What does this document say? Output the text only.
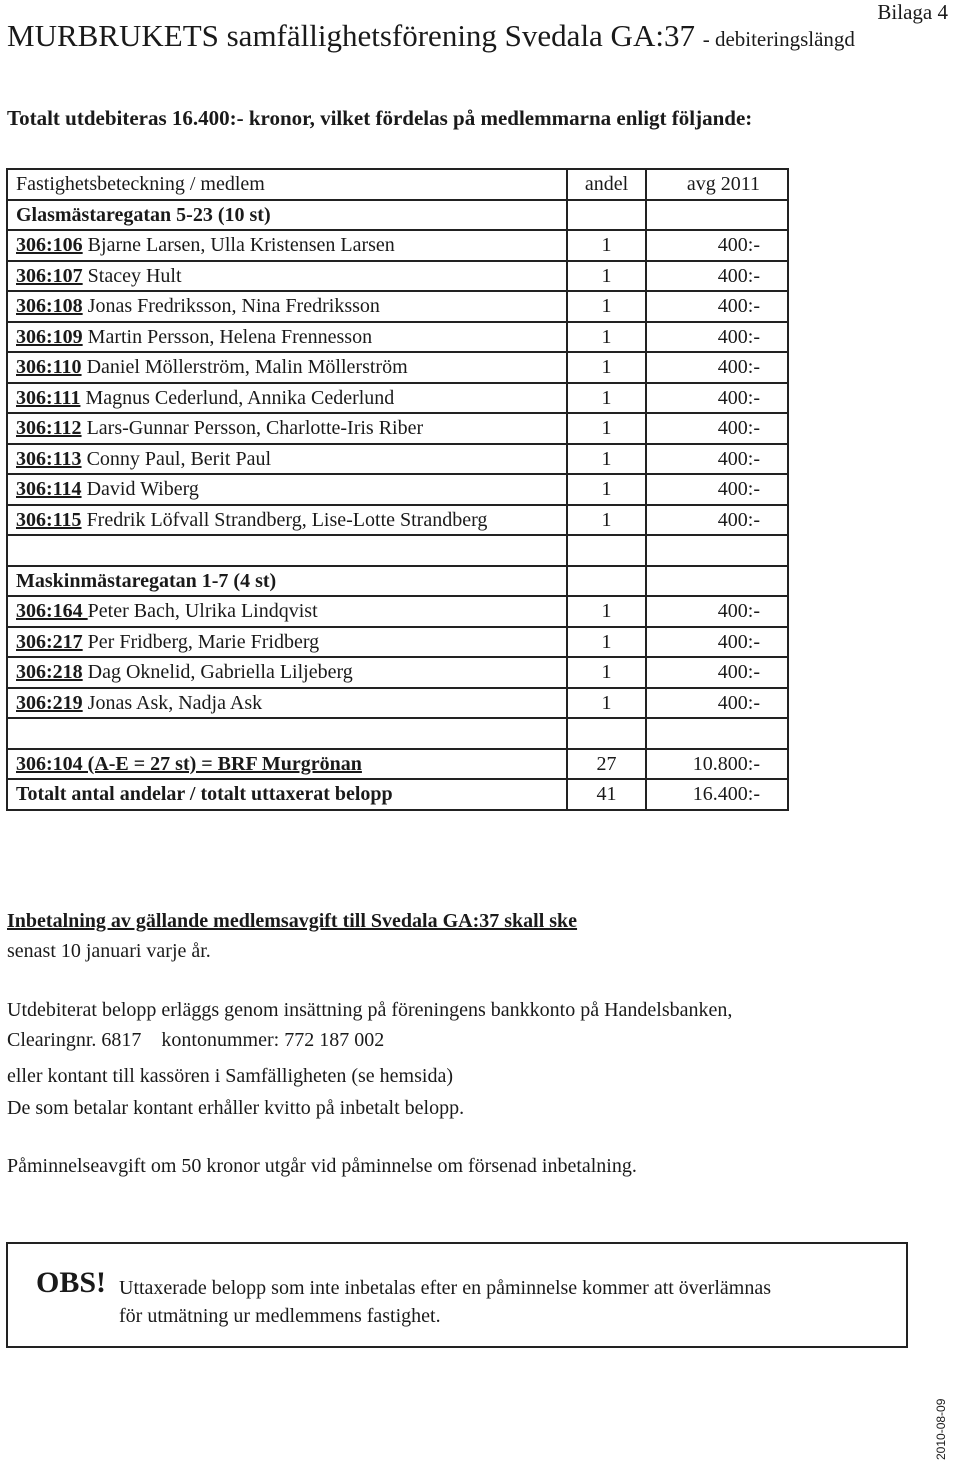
MURBRUKETS samfällighetsförening Svedala GA:37 - debiteringslängd
Bilaga 4
Totalt utdebiteras 16.400:- kronor, vilket fördelas på medlemmarna enligt följande:
Fastighetsbeteckning / medlem	andel	avg 2011
Glasmästaregatan 5-23 (10 st)		
306:106 Bjarne Larsen, Ulla Kristensen Larsen	1	400:-
306:107 Stacey Hult	1	400:-
306:108 Jonas Fredriksson, Nina Fredriksson	1	400:-
306:109 Martin Persson, Helena Frennesson	1	400:-
306:110 Daniel Möllerström, Malin Möllerström	1	400:-
306:111 Magnus Cederlund, Annika Cederlund	1	400:-
306:112 Lars-Gunnar Persson, Charlotte-Iris Riber	1	400:-
306:113 Conny Paul, Berit Paul	1	400:-
306:114 David Wiberg	1	400:-
306:115 Fredrik Löfvall Strandberg, Lise-Lotte Strandberg	1	400:-

Maskinmästaregatan 1-7 (4 st)		
306:164 Peter Bach, Ulrika Lindqvist	1	400:-
306:217 Per Fridberg, Marie Fridberg	1	400:-
306:218 Dag Oknelid, Gabriella Liljeberg	1	400:-
306:219 Jonas Ask, Nadja Ask	1	400:-

306:104 (A-E = 27 st) = BRF Murgrönan	27	10.800:-
Totalt antal andelar / totalt uttaxerat belopp	41	16.400:-
Inbetalning av gällande medlemsavgift till Svedala GA:37 skall ske
senast 10 januari varje år.
Utdebiterat belopp erläggs genom insättning på föreningens bankkonto på Handelsbanken,
Clearingnr. 6817    kontonummer: 772 187 002
eller kontant till kassören i Samfälligheten (se hemsida)
De som betalar kontant erhåller kvitto på inbetalt belopp.
Påminnelseavgift om 50 kronor utgår vid påminnelse om försenad inbetalning.
OBS! Uttaxerade belopp som inte inbetalas efter en påminnelse kommer att överlämnas
för utmätning ur medlemmens fastighet.
2010-08-09
